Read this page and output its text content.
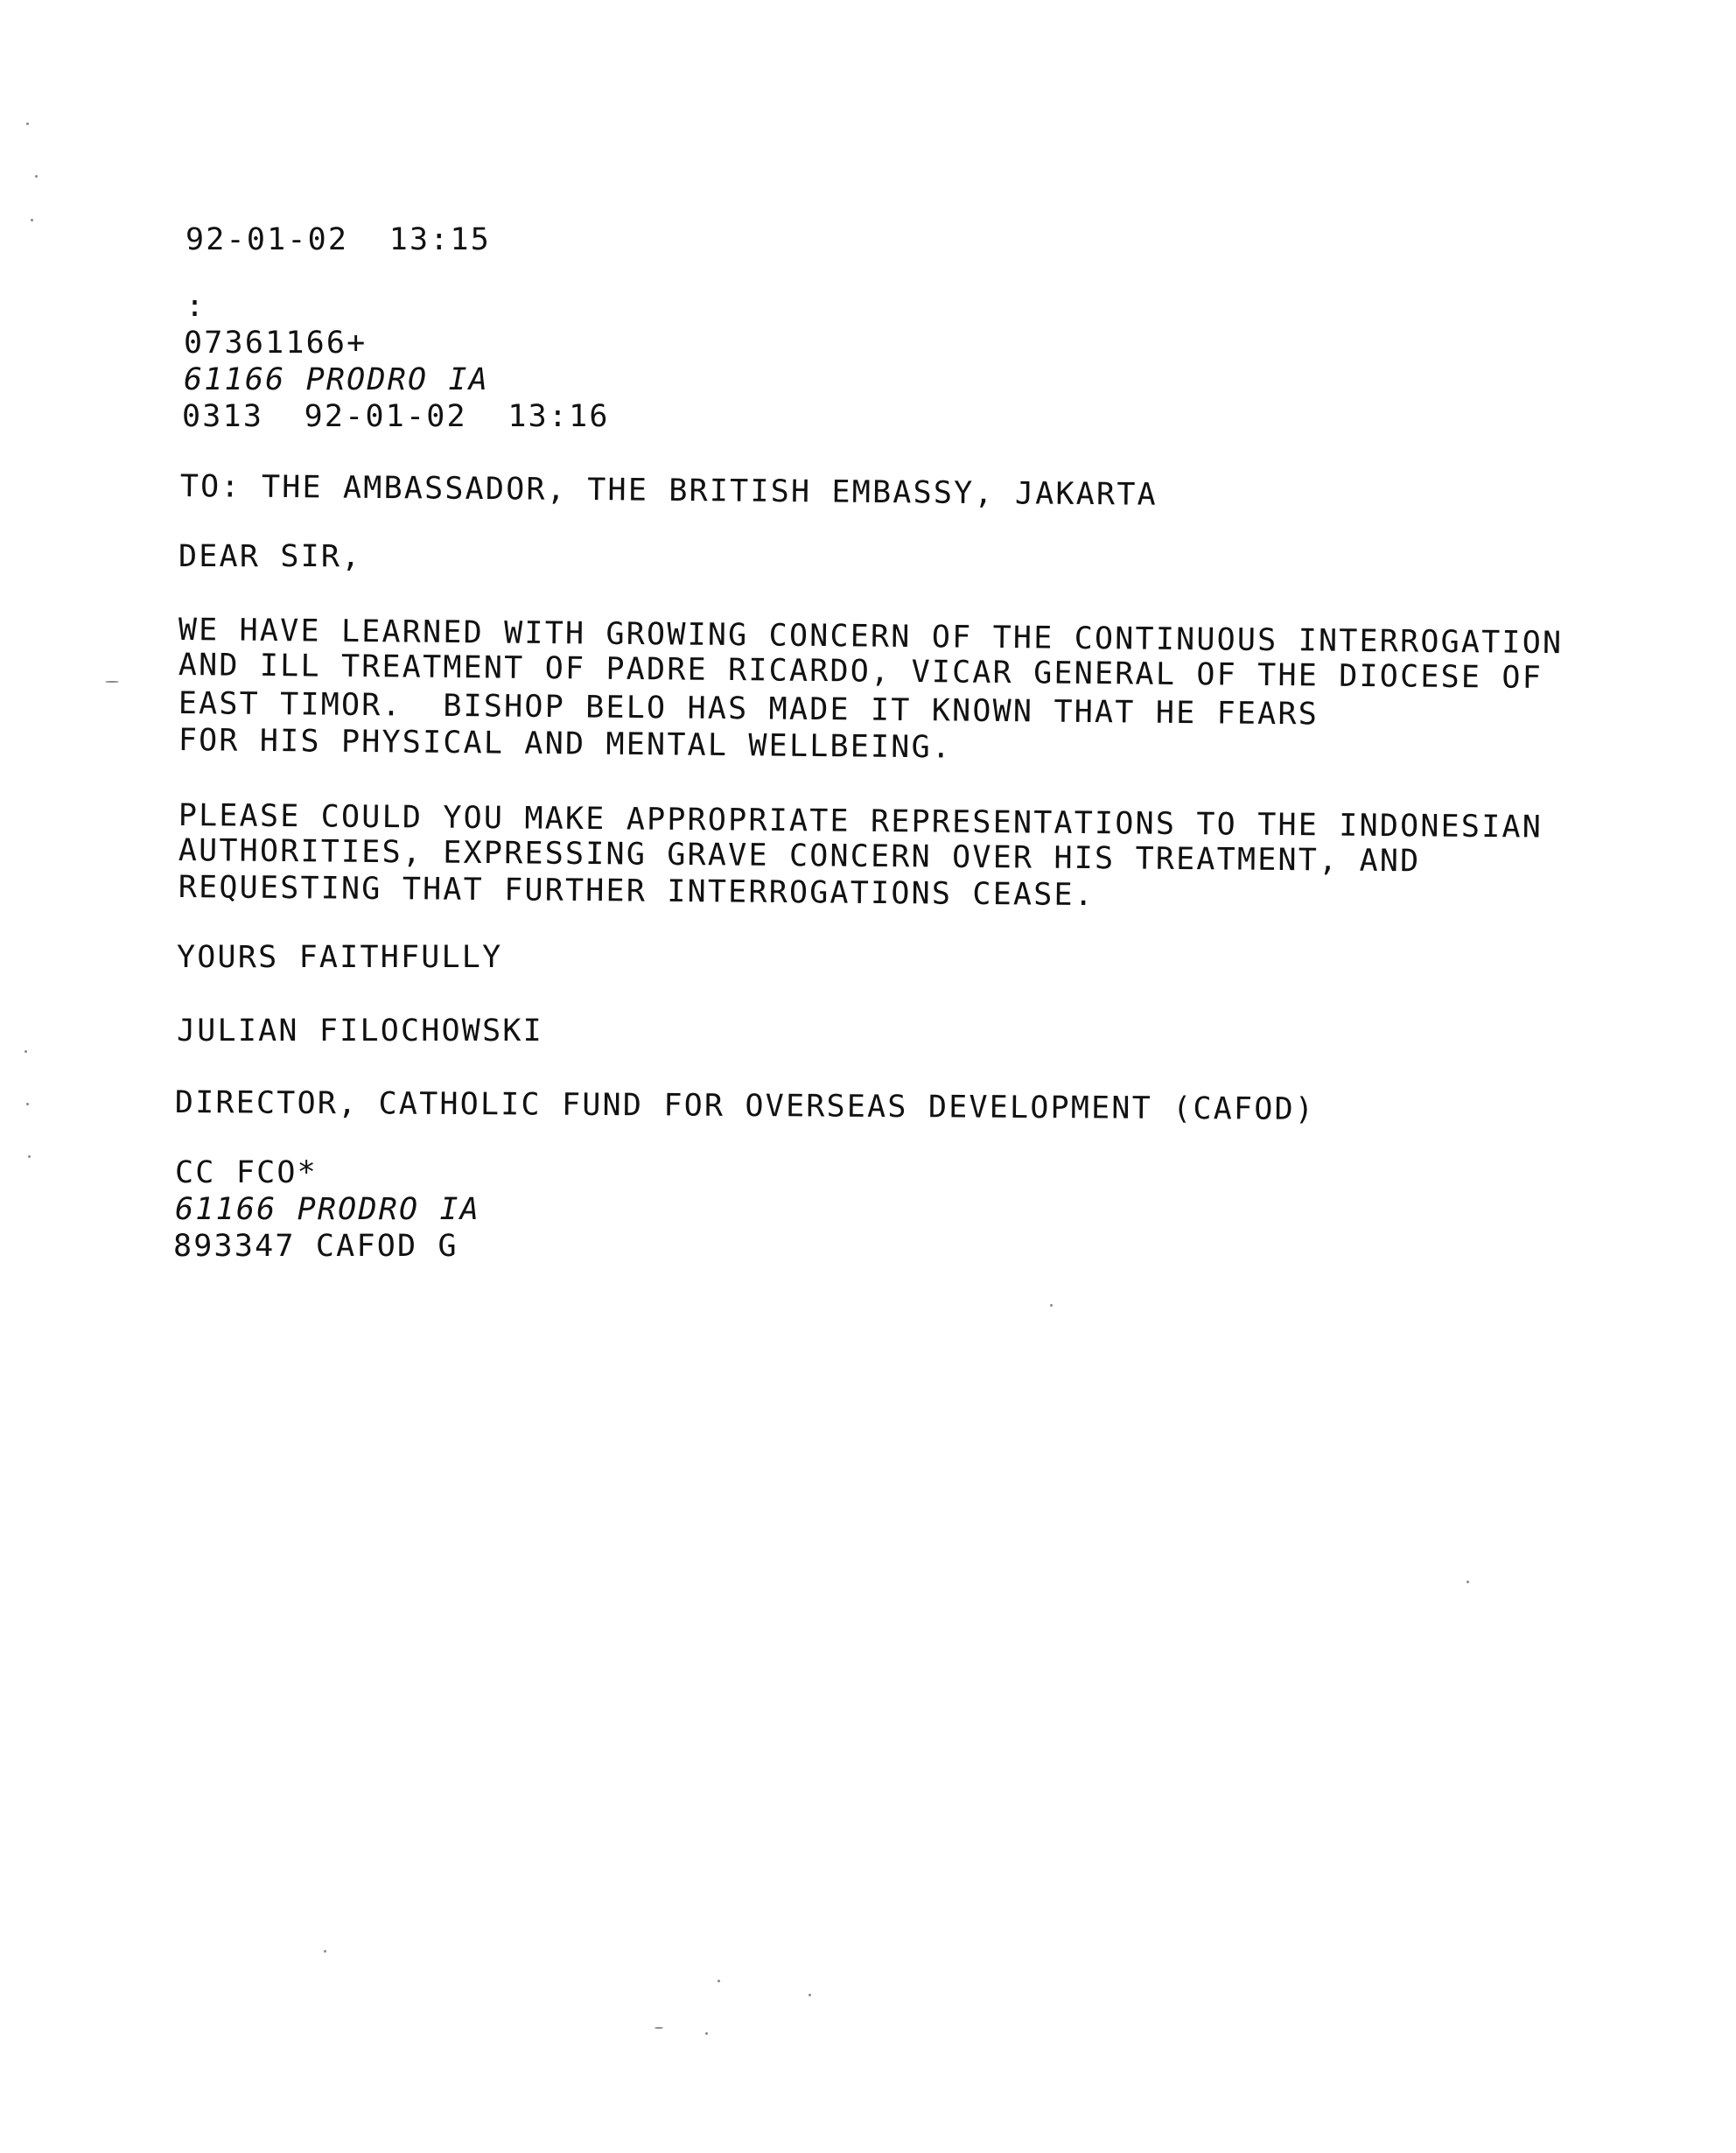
92-01-02  13:15
:
07361166+
61166 PRODRO IA
0313  92-01-02  13:16
TO: THE AMBASSADOR, THE BRITISH EMBASSY, JAKARTA
DEAR SIR,
WE HAVE LEARNED WITH GROWING CONCERN OF THE CONTINUOUS INTERROGATION
AND ILL TREATMENT OF PADRE RICARDO, VICAR GENERAL OF THE DIOCESE OF
EAST TIMOR.  BISHOP BELO HAS MADE IT KNOWN THAT HE FEARS
FOR HIS PHYSICAL AND MENTAL WELLBEING.
PLEASE COULD YOU MAKE APPROPRIATE REPRESENTATIONS TO THE INDONESIAN
AUTHORITIES, EXPRESSING GRAVE CONCERN OVER HIS TREATMENT, AND
REQUESTING THAT FURTHER INTERROGATIONS CEASE.
YOURS FAITHFULLY
JULIAN FILOCHOWSKI
DIRECTOR, CATHOLIC FUND FOR OVERSEAS DEVELOPMENT (CAFOD)
CC FCO*
61166 PRODRO IA
893347 CAFOD G
